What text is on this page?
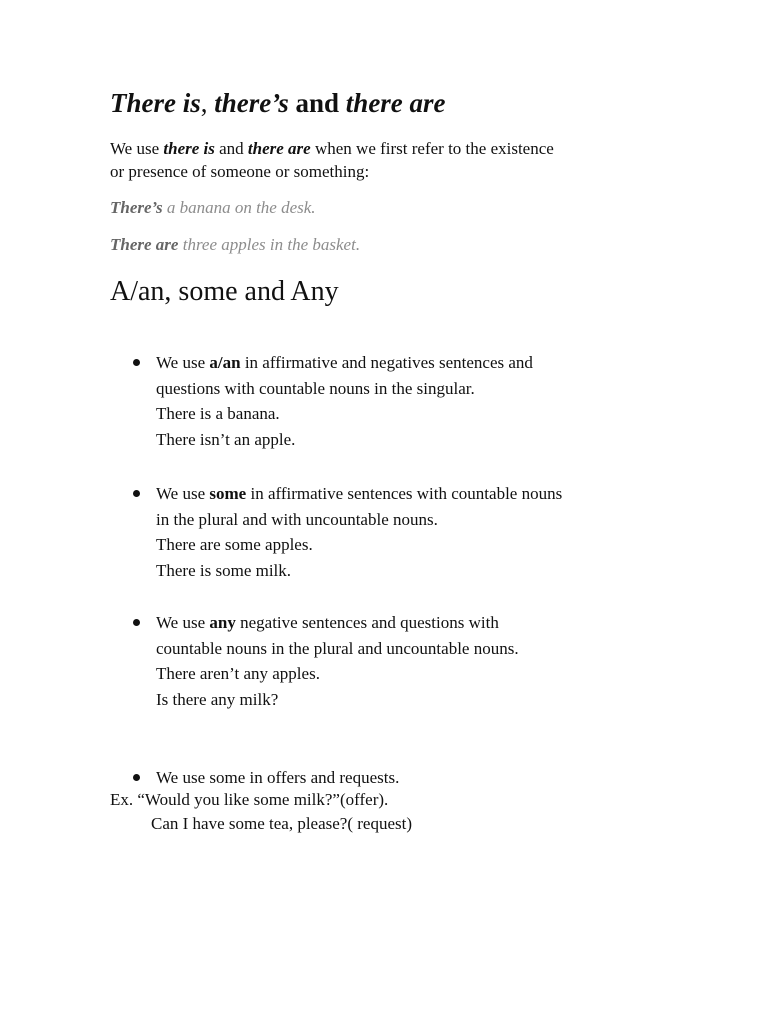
There is, there’s and there are
We use there is and there are when we first refer to the existence
or presence of someone or something:
There’s a banana on the desk.
There are three apples in the basket.
A/an, some and Any
We use a/an in affirmative and negatives sentences and
questions with countable nouns in the singular.
There is a banana.
There isn’t an apple.
We use some in affirmative sentences with countable nouns
in the plural and with uncountable nouns.
There are some apples.
There is some milk.
We use any negative sentences and questions with
countable nouns in the plural and uncountable nouns.
There aren’t any apples.
Is there any milk?
We use some in offers and requests.
Ex. “Would you like some milk?”(offer).
Can I have some tea, please?( request)
